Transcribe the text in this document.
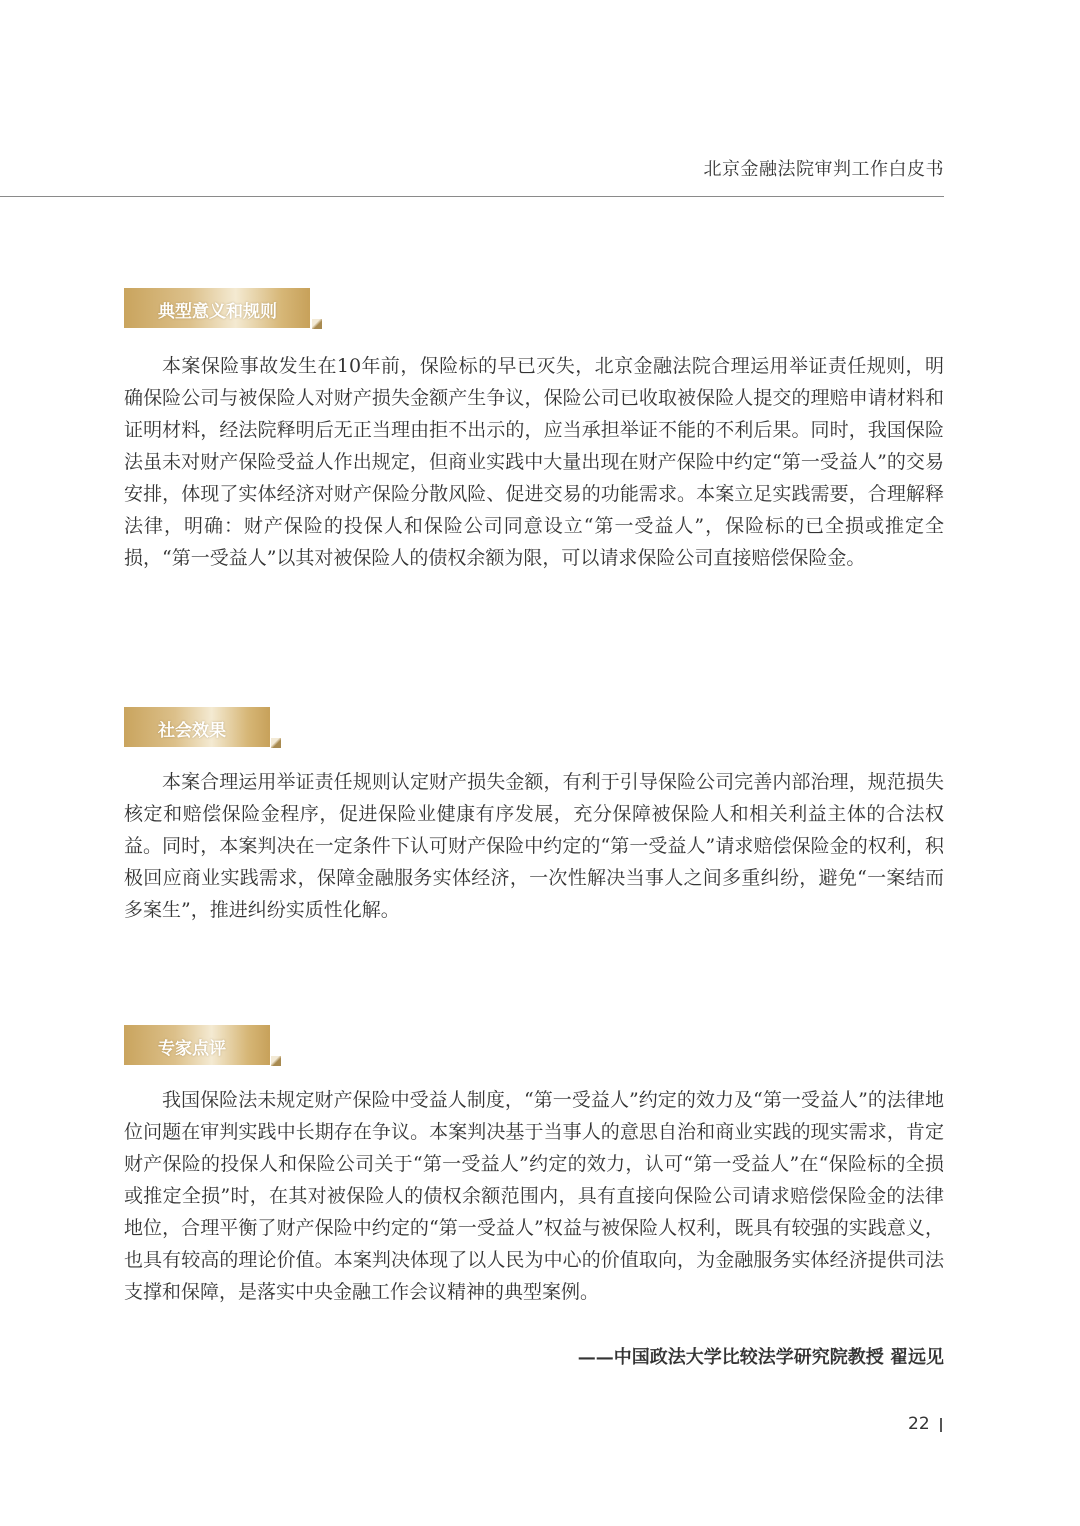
北京金融法院审判工作白皮书
典型意义和规则

本案保险事故发生在10年前，保险标的早已灭失，北京金融法院合理运用举证责任规则，明确保险公司与被保险人对财产损失金额产生争议，保险公司已收取被保险人提交的理赔申请材料和证明材料，经法院释明后无正当理由拒不出示的，应当承担举证不能的不利后果。同时，我国保险法虽未对财产保险受益人作出规定，但商业实践中大量出现在财产保险中约定“第一受益人”的交易安排，体现了实体经济对财产保险分散风险、促进交易的功能需求。本案立足实践需要，合理解释法律，明确：财产保险的投保人和保险公司同意设立“第一受益人”，保险标的已全损或推定全损，“第一受益人”以其对被保险人的债权余额为限，可以请求保险公司直接赔偿保险金。

社会效果

本案合理运用举证责任规则认定财产损失金额，有利于引导保险公司完善内部治理，规范损失核定和赔偿保险金程序，促进保险业健康有序发展，充分保障被保险人和相关利益主体的合法权益。同时，本案判决在一定条件下认可财产保险中约定的“第一受益人”请求赔偿保险金的权利，积极回应商业实践需求，保障金融服务实体经济，一次性解决当事人之间多重纠纷，避免“一案结而多案生”，推进纠纷实质性化解。

专家点评

我国保险法未规定财产保险中受益人制度，“第一受益人”约定的效力及“第一受益人”的法律地位问题在审判实践中长期存在争议。本案判决基于当事人的意思自治和商业实践的现实需求，肯定财产保险的投保人和保险公司关于“第一受益人”约定的效力，认可“第一受益人”在“保险标的全损或推定全损”时，在其对被保险人的债权余额范围内，具有直接向保险公司请求赔偿保险金的法律地位，合理平衡了财产保险中约定的“第一受益人”权益与被保险人权利，既具有较强的实践意义，也具有较高的理论价值。本案判决体现了以人民为中心的价值取向，为金融服务实体经济提供司法支撑和保障，是落实中央金融工作会议精神的典型案例。

——中国政法大学比较法学研究院教授 翟远见
22
